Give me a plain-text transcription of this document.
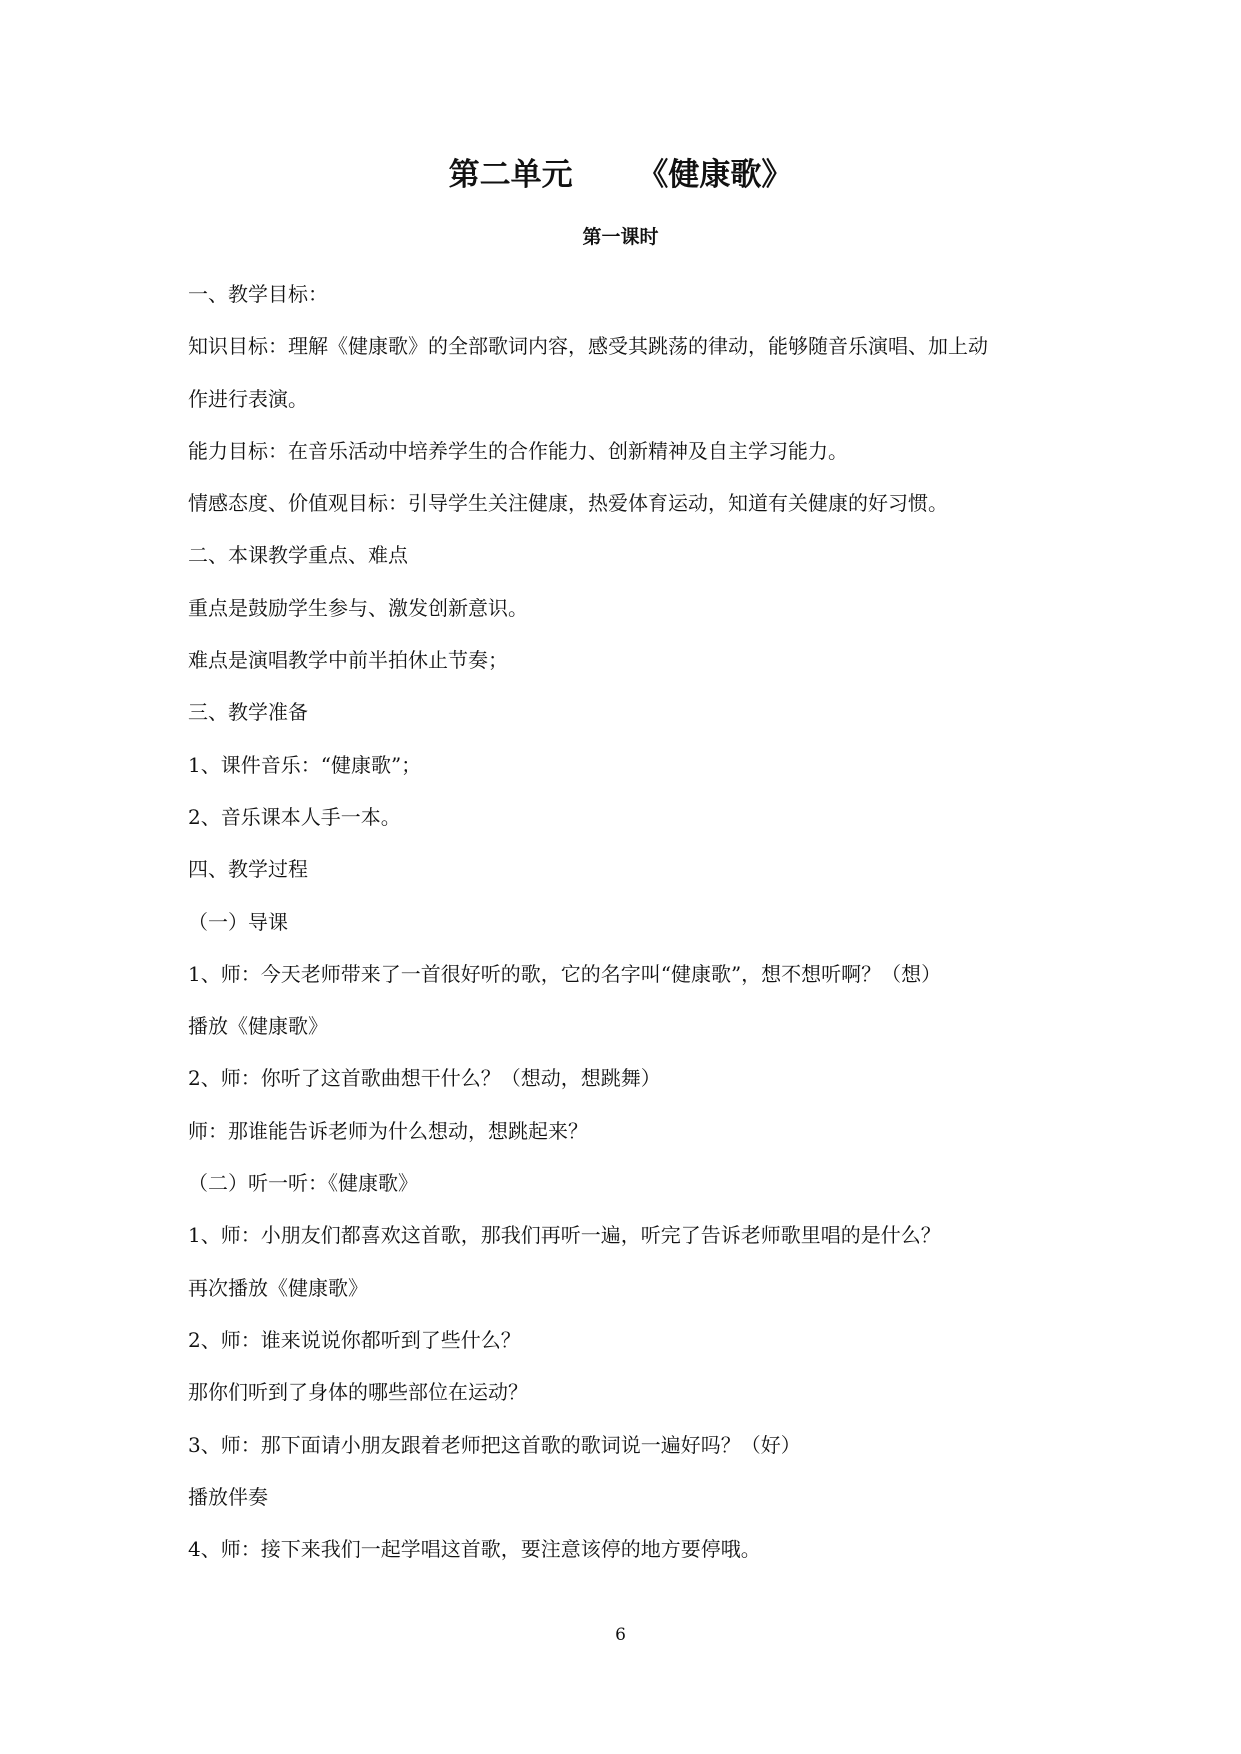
第二单元      《健康歌》
第一课时
一、教学目标：
知识目标：理解《健康歌》的全部歌词内容，感受其跳荡的律动，能够随音乐演唱、加上动
作进行表演。
能力目标：在音乐活动中培养学生的合作能力、创新精神及自主学习能力。
情感态度、价值观目标：引导学生关注健康，热爱体育运动，知道有关健康的好习惯。
二、本课教学重点、难点
重点是鼓励学生参与、激发创新意识。
难点是演唱教学中前半拍休止节奏；
三、教学准备
1、课件音乐：“健康歌”；
2、音乐课本人手一本。
四、教学过程
（一）导课
1、师：今天老师带来了一首很好听的歌，它的名字叫“健康歌”，想不想听啊？（想）
播放《健康歌》
2、师：你听了这首歌曲想干什么？（想动，想跳舞）
师：那谁能告诉老师为什么想动，想跳起来？
（二）听一听：《健康歌》
1、师：小朋友们都喜欢这首歌，那我们再听一遍，听完了告诉老师歌里唱的是什么？
再次播放《健康歌》
2、师：谁来说说你都听到了些什么？
那你们听到了身体的哪些部位在运动？
3、师：那下面请小朋友跟着老师把这首歌的歌词说一遍好吗？（好）
播放伴奏
4、师：接下来我们一起学唱这首歌，要注意该停的地方要停哦。
6
